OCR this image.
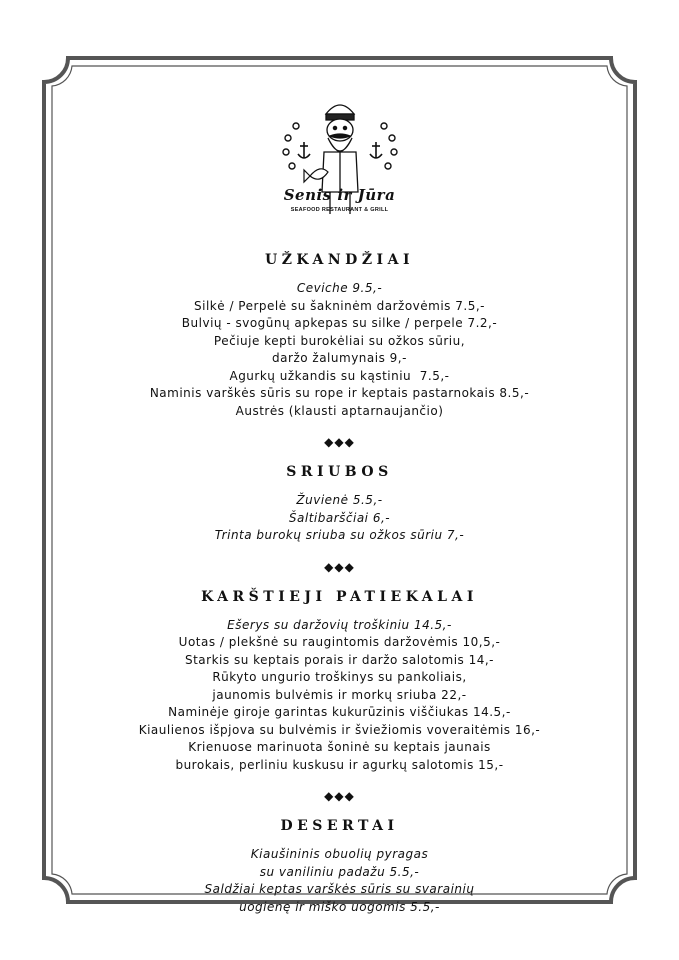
Senis ir Jūra
SEAFOOD RESTAURANT & GRILL
UŽKANDŽIAI
Ceviche 9.5,-
Silkė / Perpelė su šakninėm daržovėmis 7.5,-
Bulvių - svogūnų apkepas su silke / perpele 7.2,-
Pečiuje kepti burokėliai su ožkos sūriu,
daržo žalumynais 9,-
Agurkų užkandis su kąstiniu  7.5,-
Naminis varškės sūris su rope ir keptais pastarnokais 8.5,-
Austrės (klausti aptarnaujančio)
◆◆◆
SRIUBOS
Žuvienė 5.5,-
Šaltibarščiai 6,-
Trinta burokų sriuba su ožkos sūriu 7,-
◆◆◆
KARŠTIEJI PATIEKALAI
Ešerys su daržovių troškiniu 14.5,-
Uotas / plekšnė su raugintomis daržovėmis 10,5,-
Starkis su keptais porais ir daržo salotomis 14,-
Rūkyto ungurio troškinys su pankoliais,
jaunomis bulvėmis ir morkų sriuba 22,-
Naminėje giroje garintas kukurūzinis viščiukas 14.5,-
Kiaulienos išpjova su bulvėmis ir šviežiomis voveraitėmis 16,-
Krienuose marinuota šoninė su keptais jaunais
burokais, perliniu kuskusu ir agurkų salotomis 15,-
◆◆◆
DESERTAI
Kiaušininis obuolių pyragas
su vaniliniu padažu 5.5,-
Saldžiai keptas varškės sūris su svarainių
uogienę ir miško uogomis 5.5,-
